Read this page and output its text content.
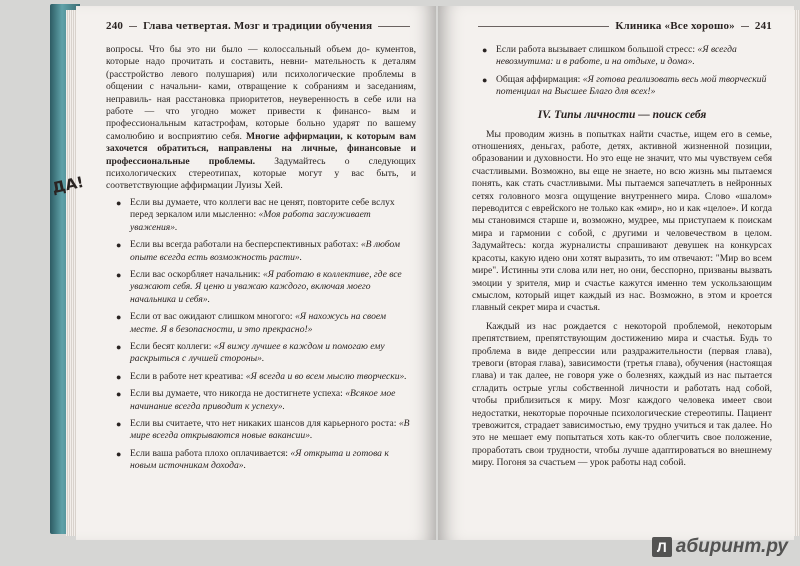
240 Глава четвертая. Мозг и традиции обучения
ДА!

вопросы. Что бы это ни было — колоссальный объем до- кументов, которые надо прочитать и составить, невни- мательность к деталям (расстройство левого полушария) или психологические проблемы в общении с начальни- ками, отвращение к собраниям и заседаниям, неправиль- ная расстановка приоритетов, неуверенность в себе или на работе — что угодно может привести к финансо- вым и профессиональным катастрофам, которые больно ударят по вашему самолюбию и восприятию себя. Многие аффирмации, к которым вам захочется обратиться, направлены на личные, финансовые и профессиональные проблемы. Задумайтесь о следующих психологических стереотипах, которые могут у вас быть, и соответствующие аффирмации Луизы Хей.

● Если вы думаете, что коллеги вас не ценят, повторите себе вслух перед зеркалом или мысленно: «Моя работа заслуживает уважения».
● Если вы всегда работали на бесперспективных работах: «В любом опыте всегда есть возможность расти».
● Если вас оскорбляет начальник: «Я работаю в коллективе, где все уважают себя. Я ценю и уважаю каждого, включая моего начальника и себя».
● Если от вас ожидают слишком многого: «Я нахожусь на своем месте. Я в безопасности, и это прекрасно!»
● Если бесят коллеги: «Я вижу лучшее в каждом и помогаю ему раскрыться с лучшей стороны».
● Если в работе нет креатива: «Я всегда и во всем мыслю творчески».
● Если вы думаете, что никогда не достигнете успеха: «Всякое мое начинание всегда приводит к успеху».
● Если вы считаете, что нет никаких шансов для карьерного роста: «В мире всегда открываются новые вакансии».
● Если ваша работа плохо оплачивается: «Я открыта и готова к новым источникам дохода».
Клиника «Все хорошо» 241
● Если работа вызывает слишком большой стресс: «Я всегда невозмутима: и в работе, и на отдыхе, и дома».
● Общая аффирмация: «Я готова реализовать весь мой творческий потенциал на Высшее Благо для всех!»
IV. Типы личности — поиск себя

Мы проводим жизнь в попытках найти счастье, ищем его в семье, отношениях, деньгах, работе, детях, активной жизненной позиции, образовании и духовности. Но это еще не значит, что мы чувствуем себя счастливыми. Возможно, вы еще не знаете, но всю жизнь мы пытаемся понять, как стать счастливыми. Мы пытаемся запечатлеть в нейронных сетях головного мозга ощущение внутреннего мира. Слово «шалом» переводится с еврейского не только как «мир», но и как «целое». И когда мы становимся старше и, возможно, мудрее, мы приступаем к поискам мира и гармонии с собой, с другими и человечеством в целом. Задумайтесь: когда журналисты спрашивают девушек на конкурсах красоты, какую идею они хотят выразить, то им отвечают: "Мир во всем мире". Истинны эти слова или нет, но они, бесспорно, призваны вызвать эмоции у зрителя, мир и счастье кажутся именно тем ускользающим смыслом, который ищет каждый из нас. Возможно, в этом и кроется главный секрет мира и счастья.

Каждый из нас рождается с некоторой проблемой, некоторым препятствием, препятствующим достижению мира и счастья. Будь то проблема в виде депрессии или раздражительности (первая глава), тревоги (вторая глава), зависимости (третья глава), обучения (настоящая глава) и так далее, не говоря уже о болезнях, каждый из нас пытается сгладить острые углы собственной личности и работать над собой, чтобы приблизиться к миру. Мозг каждого человека имеет свои недостатки, некоторые порочные психологические стереотипы. Пациент тревожится, страдает зависимостью, ему трудно учиться и так далее. Но это не мешает ему попытаться хоть как-то облегчить свое положение, проработать свои трудности, чтобы лучше адаптироваться во внешнему миру. Погоня за счастьем — урок работы над собой.

Л абиринт.ру
